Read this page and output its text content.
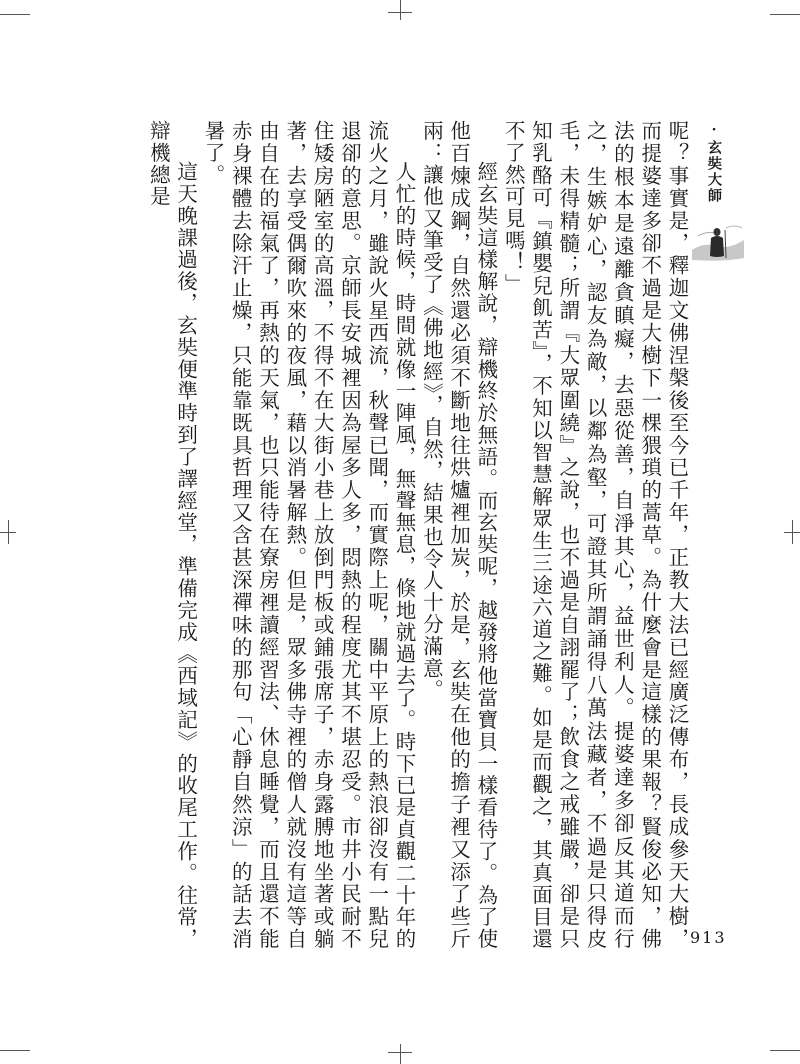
·玄奘大師

呢？事實是，釋迦文佛涅槃後至今已千年，正教大法已經廣泛傳布，長成參天大樹，而提婆達多卻不過是大樹下一棵猥瑣的蒿草。為什麼會是這樣的果報？賢俊必知，佛法的根本是遠離貪瞋癡，去惡從善，自淨其心，益世利人。提婆達多卻反其道而行之，生嫉妒心，認友為敵，以鄰為壑，可證其所謂誦得八萬法藏者，不過是只得皮毛，未得精髓；所謂『大眾圍繞』之說，也不過是自詡罷了；飲食之戒雖嚴，卻是只知乳酪可『鎮嬰兒飢苦』，不知以智慧解眾生三途六道之難。如是而觀之，其真面目還不了然可見嗎！」

經玄奘這樣解說，辯機終於無語。而玄奘呢，越發將他當寶貝一樣看待了。為了使他百煉成鋼，自然還必須不斷地往烘爐裡加炭，於是，玄奘在他的擔子裡又添了些斤兩：讓他又筆受了《佛地經》，自然，結果也令人十分滿意。

人忙的時候，時間就像一陣風，無聲無息，倏地就過去了。時下已是貞觀二十年的流火之月，雖說火星西流，秋聲已聞，而實際上呢，關中平原上的熱浪卻沒有一點兒退卻的意思。京師長安城裡因為屋多人多，悶熱的程度尤其不堪忍受。市井小民耐不住矮房陋室的高溫，不得不在大街小巷上放倒門板或鋪張席子，赤身露膊地坐著或躺著，去享受偶爾吹來的夜風，藉以消暑解熱。但是，眾多佛寺裡的僧人就沒有這等自由自在的福氣了，再熱的天氣，也只能待在寮房裡讀經習法、休息睡覺，而且還不能赤身裸體去除汗止燥，只能靠既具哲理又含甚深禪味的那句「心靜自然涼」的話去消暑了。

這天晚課過後，玄奘便準時到了譯經堂，準備完成《西域記》的收尾工作。往常，辯機總是

913
